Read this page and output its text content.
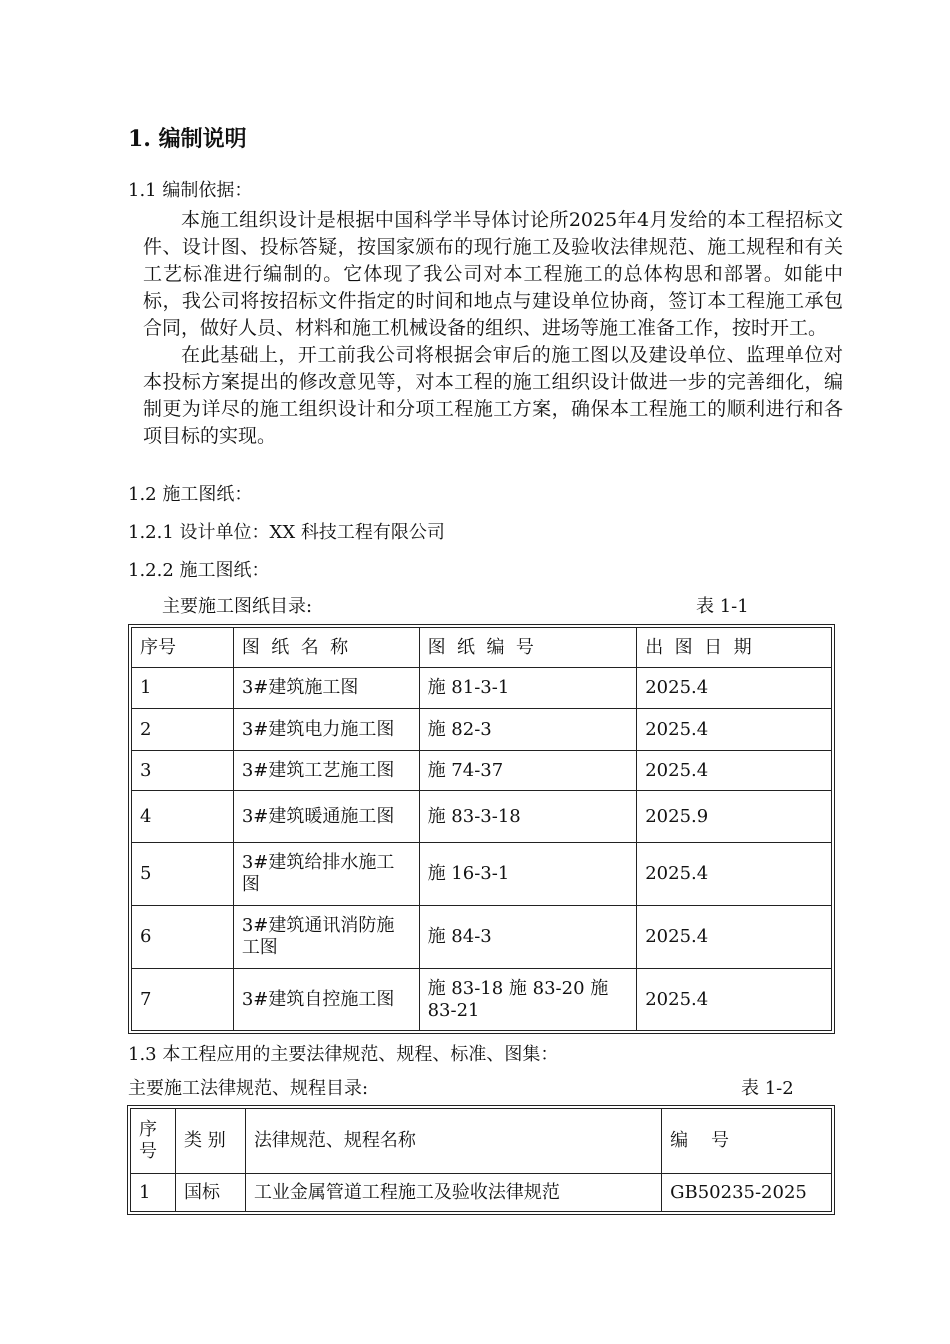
1. 编制说明
1.1 编制依据：

本施工组织设计是根据中国科学半导体讨论所2025年4月发给的本工程招标文件、设计图、投标答疑，按国家颁布的现行施工及验收法律规范、施工规程和有关工艺标准进行编制的。它体现了我公司对本工程施工的总体构思和部署。如能中标，我公司将按招标文件指定的时间和地点与建设单位协商，签订本工程施工承包合同，做好人员、材料和施工机械设备的组织、进场等施工准备工作，按时开工。

在此基础上，开工前我公司将根据会审后的施工图以及建设单位、监理单位对本投标方案提出的修改意见等，对本工程的施工组织设计做进一步的完善细化，编制更为详尽的施工组织设计和分项工程施工方案，确保本工程施工的顺利进行和各项目标的实现。

1.2 施工图纸：
1.2.1 设计单位：XX 科技工程有限公司
1.2.2 施工图纸：
主要施工图纸目录:	表 1-1
序号	图  纸  名  称	图  纸  编  号	出  图  日  期
1	3#建筑施工图	施 81-3-1	2025.4
2	3#建筑电力施工图	施 82-3	2025.4
3	3#建筑工艺施工图	施 74-37	2025.4
4	3#建筑暖通施工图	施 83-3-18	2025.9
5	3#建筑给排水施工图	施 16-3-1	2025.4
6	3#建筑通讯消防施工图	施 84-3	2025.4
7	3#建筑自控施工图	施 83-18 施 83-20 施 83-21	2025.4
1.3 本工程应用的主要法律规范、规程、标准、图集：
主要施工法律规范、规程目录:	表 1-2
序号	类 别	法律规范、规程名称	编    号
1	国标	工业金属管道工程施工及验收法律规范	GB50235-2025
